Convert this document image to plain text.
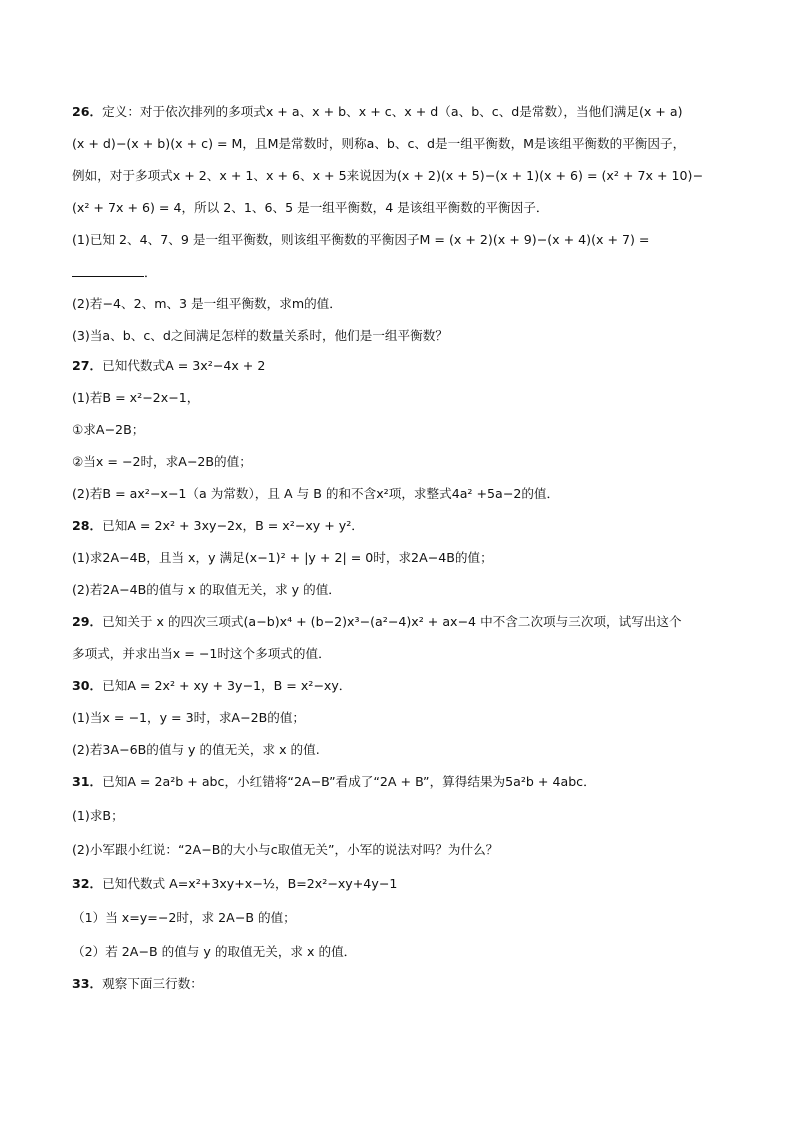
26．定义：对于依次排列的多项式x + a、x + b、x + c、x + d（a、b、c、d是常数），当他们满足(x + a)
(x + d)−(x + b)(x + c) = M，且M是常数时，则称a、b、c、d是一组平衡数，M是该组平衡数的平衡因子，
例如，对于多项式x + 2、x + 1、x + 6、x + 5来说因为(x + 2)(x + 5)−(x + 1)(x + 6) = (x² + 7x + 10)−
(x² + 7x + 6) = 4，所以 2、1、6、5 是一组平衡数，4 是该组平衡数的平衡因子．
(1)已知 2、4、7、9 是一组平衡数，则该组平衡数的平衡因子M = (x + 2)(x + 9)−(x + 4)(x + 7) =
．
(2)若−4、2、m、3 是一组平衡数，求m的值．
(3)当a、b、c、d之间满足怎样的数量关系时，他们是一组平衡数？
27．已知代数式A = 3x²−4x + 2
(1)若B = x²−2x−1，
①求A−2B；
②当x = −2时，求A−2B的值；
(2)若B = ax²−x−1（a 为常数），且 A 与 B 的和不含x²项，求整式4a² +5a−2的值．
28．已知A = 2x² + 3xy−2x，B = x²−xy + y²．
(1)求2A−4B，且当 x，y 满足(x−1)² + |y + 2| = 0时，求2A−4B的值；
(2)若2A−4B的值与 x 的取值无关，求 y 的值．
29．已知关于 x 的四次三项式(a−b)x⁴ + (b−2)x³−(a²−4)x² + ax−4 中不含二次项与三次项，试写出这个
多项式，并求出当x = −1时这个多项式的值．
30．已知A = 2x² + xy + 3y−1，B = x²−xy．
(1)当x = −1，y = 3时，求A−2B的值；
(2)若3A−6B的值与 y 的值无关，求 x 的值.
31．已知A = 2a²b + abc，小红错将“2A−B”看成了“2A + B”，算得结果为5a²b + 4abc．
(1)求B；
(2)小军跟小红说：“2A−B的大小与c取值无关”，小军的说法对吗？为什么？
32．已知代数式 A=x²+3xy+x−½，B=2x²−xy+4y−1
（1）当 x=y=−2时，求 2A−B 的值；
（2）若 2A−B 的值与 y 的取值无关，求 x 的值．
33．观察下面三行数：
